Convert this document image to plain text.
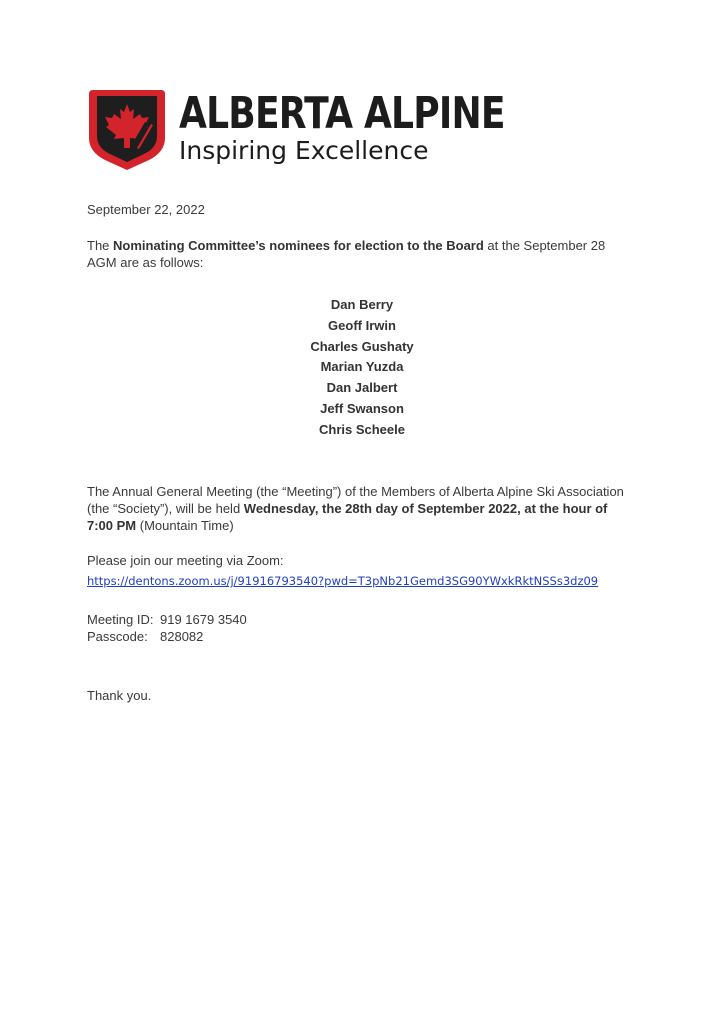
ALBERTA ALPINE
Inspiring Excellence
September 22, 2022
The Nominating Committee’s nominees for election to the Board at the September 28 AGM are as follows:
Dan Berry
Geoff Irwin
Charles Gushaty
Marian Yuzda
Dan Jalbert
Jeff Swanson
Chris Scheele
The Annual General Meeting (the “Meeting”) of the Members of Alberta Alpine Ski Association (the “Society”), will be held Wednesday, the 28th day of September 2022, at the hour of 7:00 PM (Mountain Time)
Please join our meeting via Zoom:
https://dentons.zoom.us/j/91916793540?pwd=T3pNb21Gemd3SG90YWxkRktNSSs3dz09
Meeting ID: 919 1679 3540
Passcode: 828082
Thank you.
